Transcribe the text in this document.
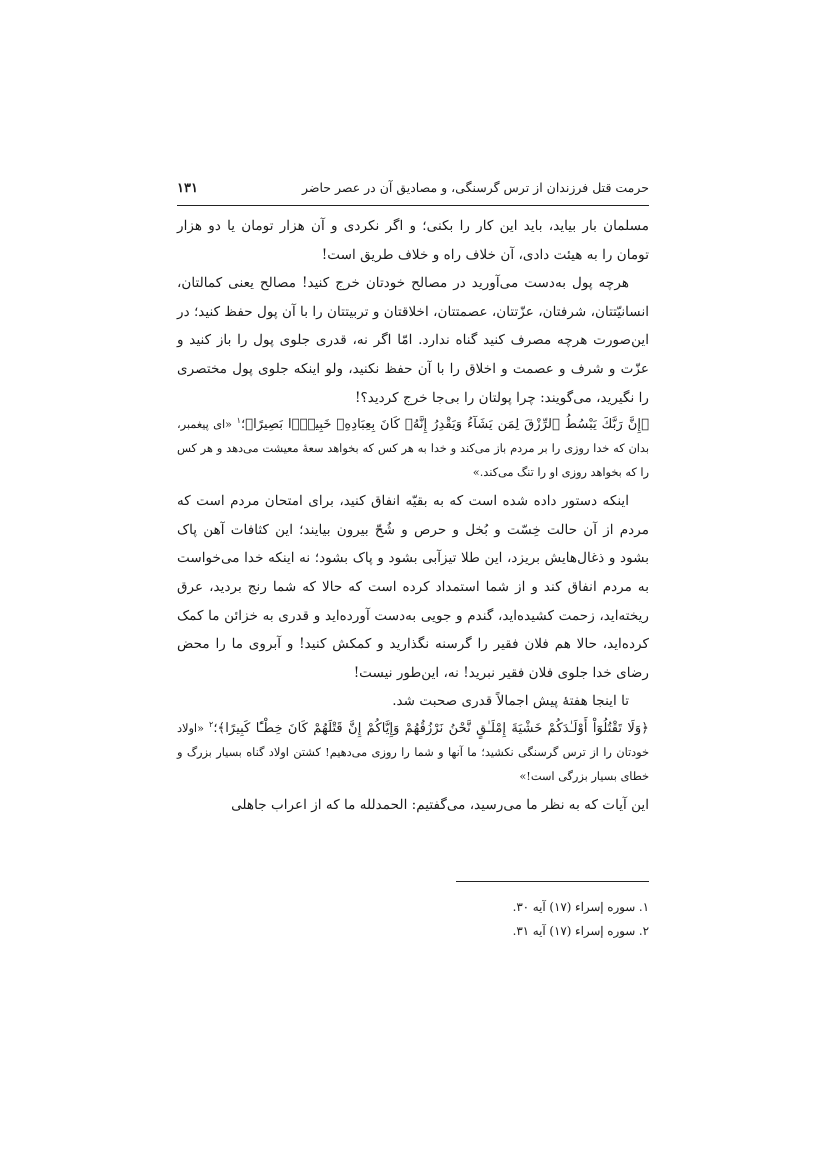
حرمت قتل فرزندان از ترس گرسنگی، و مصادیق آن در عصر حاضر
۱۳۱

مسلمان بار بیاید، باید این کار را بکنی؛ و اگر نکردی و آن هزار تومان یا دو هزار تومان را به هیئت دادی، آن خلاف راه و خلاف طریق است!

هرچه پول به‌دست می‌آورید در مصالح خودتان خرج کنید! مصالح یعنی کمالتان، انسانیّتتان، شرفتان، عزّتتان، عصمتتان، اخلاقتان و تربیتتان را با آن پول حفظ کنید؛ در این‌صورت هرچه مصرف کنید گناه ندارد. امّا اگر نه، قدری جلوی پول را باز کنید و عزّت و شرف و عصمت و اخلاق را با آن حفظ نکنید، ولو اینکه جلوی پول مختصری را نگیرید، می‌گویند: چرا پولتان را بی‌جا خرج کردید؟!

﴿إِنَّ رَبَّكَ يَبْسُطُ ٱلرِّزْقَ لِمَن يَشَآءُ وَيَقْدِرُ إِنَّهُۥ كَانَ بِعِبَادِهِۦ خَبِيرًۢا بَصِيرًا﴾؛$^۱$ «ای پیغمبر، بدان که خدا روزی را بر مردم باز می‌کند و خدا به هر کس که بخواهد سعهٔ معیشت می‌دهد و هر کس را که بخواهد روزی او را تنگ می‌کند.»

اینکه دستور داده شده است که به بقیّه انفاق کنید، برای امتحان مردم است که مردم از آن حالت خِسّت و بُخل و حرص و شُحّ بیرون بیایند؛ این کثافات آهن پاک بشود و ذغال‌هایش بریزد، این طلا تیزآبی بشود و پاک بشود؛ نه اینکه خدا می‌خواست به مردم انفاق کند و از شما استمداد کرده است که حالا که شما رنج بردید، عرق ریخته‌اید، زحمت کشیده‌اید، گندم و جویی به‌دست آورده‌اید و قدری به خزائن ما کمک کرده‌اید، حالا هم فلان فقیر را گرسنه نگذارید و کمکش کنید! و آبروی ما را محض رضای خدا جلوی فلان فقیر نبرید! نه، این‌طور نیست!

تا اینجا هفتهٔ پیش اجمالاً قدری صحبت شد.

﴿وَلَا تَقْتُلُوٓاْ أَوْلَـٰدَكُمْ خَشْيَةَ إِمْلَـٰقٍ نَّحْنُ نَرْزُقُهُمْ وَإِيَّاكُمْ إِنَّ قَتْلَهُمْ كَانَ خِطْـًٔا كَبِيرًا﴾؛$^۲$ «اولاد خودتان را از ترس گرسنگی نکشید؛ ما آنها و شما را روزی می‌دهیم! کشتن اولاد گناه بسیار بزرگ و خطای بسیار بزرگی است!»

این آیات که به نظر ما می‌رسید، می‌گفتیم: الحمدلله ما که از اعراب جاهلی

۱. سوره إسراء (۱۷) آیه ۳۰.
۲. سوره إسراء (۱۷) آیه ۳۱.
